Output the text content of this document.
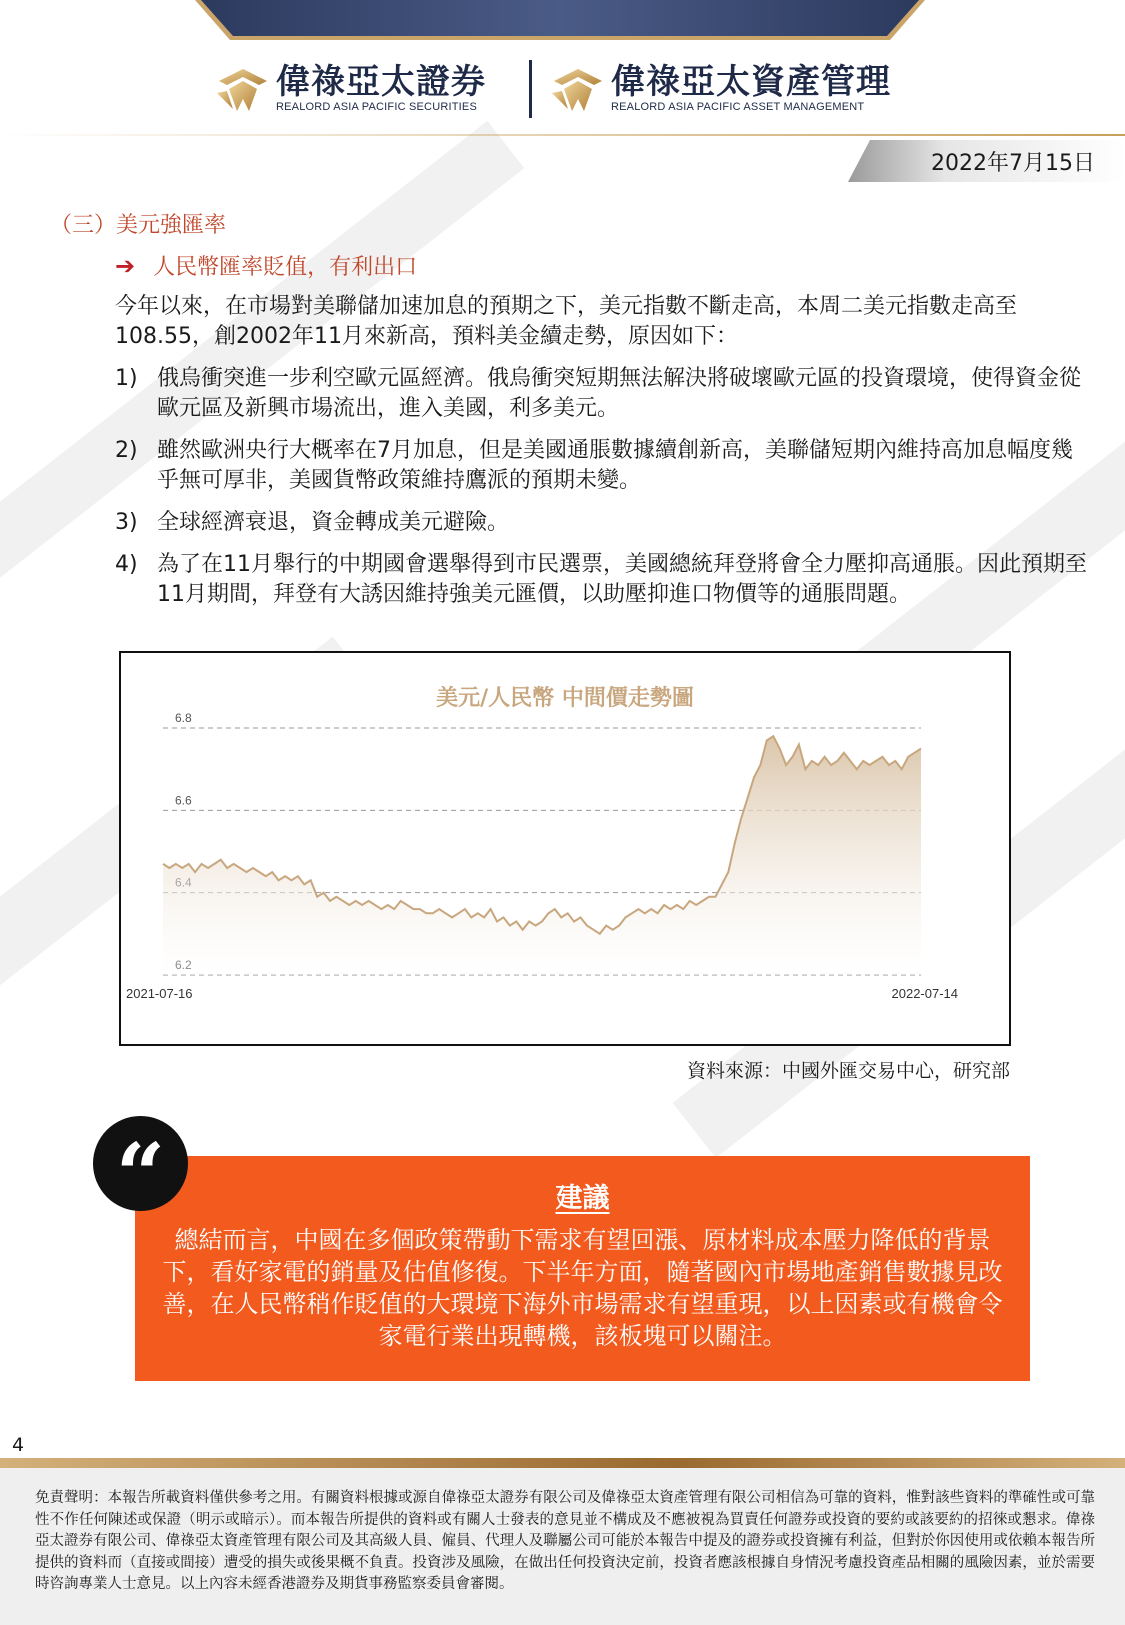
偉祿亞太證券
REALORD ASIA PACIFIC SECURITIES
偉祿亞太資產管理
REALORD ASIA PACIFIC ASSET MANAGEMENT
2022年7月15日
（三）美元強匯率
➔ 人民幣匯率貶值，有利出口
今年以來，在市場對美聯儲加速加息的預期之下，美元指數不斷走高，本周二美元指數走高至108.55，創2002年11月來新高，預料美金續走勢，原因如下：
1) 俄烏衝突進一步利空歐元區經濟。俄烏衝突短期無法解決將破壞歐元區的投資環境，使得資金從歐元區及新興市場流出，進入美國，利多美元。
2) 雖然歐洲央行大概率在7月加息，但是美國通脹數據續創新高，美聯儲短期內維持高加息幅度幾乎無可厚非，美國貨幣政策維持鷹派的預期未變。
3) 全球經濟衰退，資金轉成美元避險。
4) 為了在11月舉行的中期國會選舉得到市民選票，美國總統拜登將會全力壓抑高通脹。因此預期至11月期間，拜登有大誘因維持強美元匯價，以助壓抑進口物價等的通脹問題。
美元/人民幣 中間價走勢圖
6.8
6.6
2021-07-16	2022-07-14
資料來源：中國外匯交易中心，研究部
“	建議
總結而言，中國在多個政策帶動下需求有望回漲、原材料成本壓力降低的背景下，看好家電的銷量及估值修復。下半年方面，隨著國內市場地產銷售數據見改善，在人民幣稍作貶值的大環境下海外市場需求有望重現，以上因素或有機會令家電行業出現轉機，該板塊可以關注。
4
免責聲明：本報告所載資料僅供參考之用。有關資料根據或源自偉祿亞太證券有限公司及偉祿亞太資產管理有限公司相信為可靠的資料，惟對該些資料的準確性或可靠性不作任何陳述或保證（明示或暗示）。而本報告所提供的資料或有關人士發表的意見並不構成及不應被視為買賣任何證券或投資的要約或該要約的招徠或懇求。偉祿亞太證券有限公司、偉祿亞太資產管理有限公司及其高級人員、僱員、代理人及聯屬公司可能於本報告中提及的證券或投資擁有利益，但對於你因使用或依賴本報告所提供的資料而（直接或間接）遭受的損失或後果概不負責。投資涉及風險，在做出任何投資決定前，投資者應該根據自身情況考慮投資產品相關的風險因素，並於需要時咨詢專業人士意見。以上內容未經香港證券及期貨事務監察委員會審閱。
